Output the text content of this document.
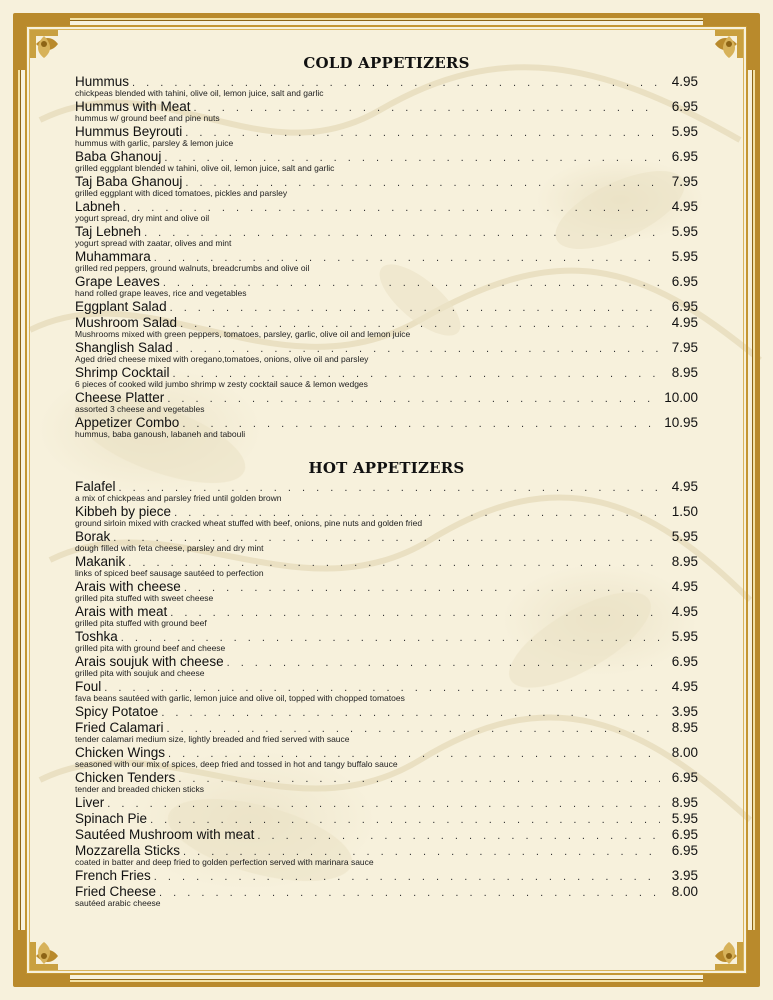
COLD APPETIZERS
Hummus . . .	4.95
chickpeas blended with tahini, olive oil, lemon juice, salt and garlic
Hummus with Meat . . .	6.95
hummus w/ ground beef and pine nuts
Hummus Beyrouti . . .	5.95
hummus with garlic, parsley & lemon juice
Baba Ghanouj . . .	6.95
grilled eggplant blended w tahini, olive oil, lemon juice, salt and garlic
Taj Baba Ghanouj . . .	7.95
grilled eggplant with diced tomatoes, pickles and parsley
Labneh . . .	4.95
yogurt spread, dry mint and olive oil
Taj Lebneh . . .	5.95
yogurt spread with zaatar, olives and mint
Muhammara . . .	5.95
grilled red peppers, ground walnuts, breadcrumbs and olive oil
Grape Leaves . . .	6.95
hand rolled grape leaves, rice and vegetables
Eggplant Salad . . .	6.95
Mushroom Salad . . .	4.95
Mushrooms mixed with green peppers, tomatoes, parsley, garlic, olive oil and lemon juice
Shanglish Salad . . .	7.95
Aged dried cheese mixed with oregano,tomatoes, onions, olive oil and parsley
Shrimp Cocktail . . .	8.95
6 pieces of cooked wild jumbo shrimp w zesty cocktail sauce & lemon wedges
Cheese Platter . . .	10.00
assorted 3 cheese and vegetables
Appetizer Combo . . .	10.95
hummus, baba ganoush, labaneh and tabouli
HOT APPETIZERS
Falafel . . .	4.95
a mix of chickpeas and parsley fried until golden brown
Kibbeh by piece . . .	1.50
ground sirloin mixed with cracked wheat stuffed with beef, onions, pine nuts and golden fried
Borak . . .	5.95
dough filled with feta cheese, parsley and dry mint
Makanik . . .	8.95
links of spiced beef sausage sautéed to perfection
Arais with cheese . . .	4.95
grilled pita stuffed with sweet cheese
Arais with meat . . .	4.95
grilled pita stuffed with ground beef
Toshka . . .	5.95
grilled pita with ground beef and cheese
Arais soujuk with cheese . . .	6.95
grilled pita with soujuk and cheese
Foul . . .	4.95
fava beans sautéed with garlic, lemon juice and olive oil, topped with chopped tomatoes
Spicy Potatoe . . .	3.95
Fried Calamari . . .	8.95
tender calamari medium size, lightly breaded and fried served with sauce
Chicken Wings . . .	8.00
seasoned with our mix of spices, deep fried and tossed in hot and tangy buffalo sauce
Chicken Tenders . . .	6.95
tender and breaded chicken sticks
Liver . . .	8.95
Spinach Pie . . .	5.95
Sautéed Mushroom with meat . . .	6.95
Mozzarella Sticks . . .	6.95
coated in batter and deep fried to golden perfection served with marinara sauce
French Fries . . .	3.95
Fried Cheese . . .	8.00
sautéed arabic cheese
